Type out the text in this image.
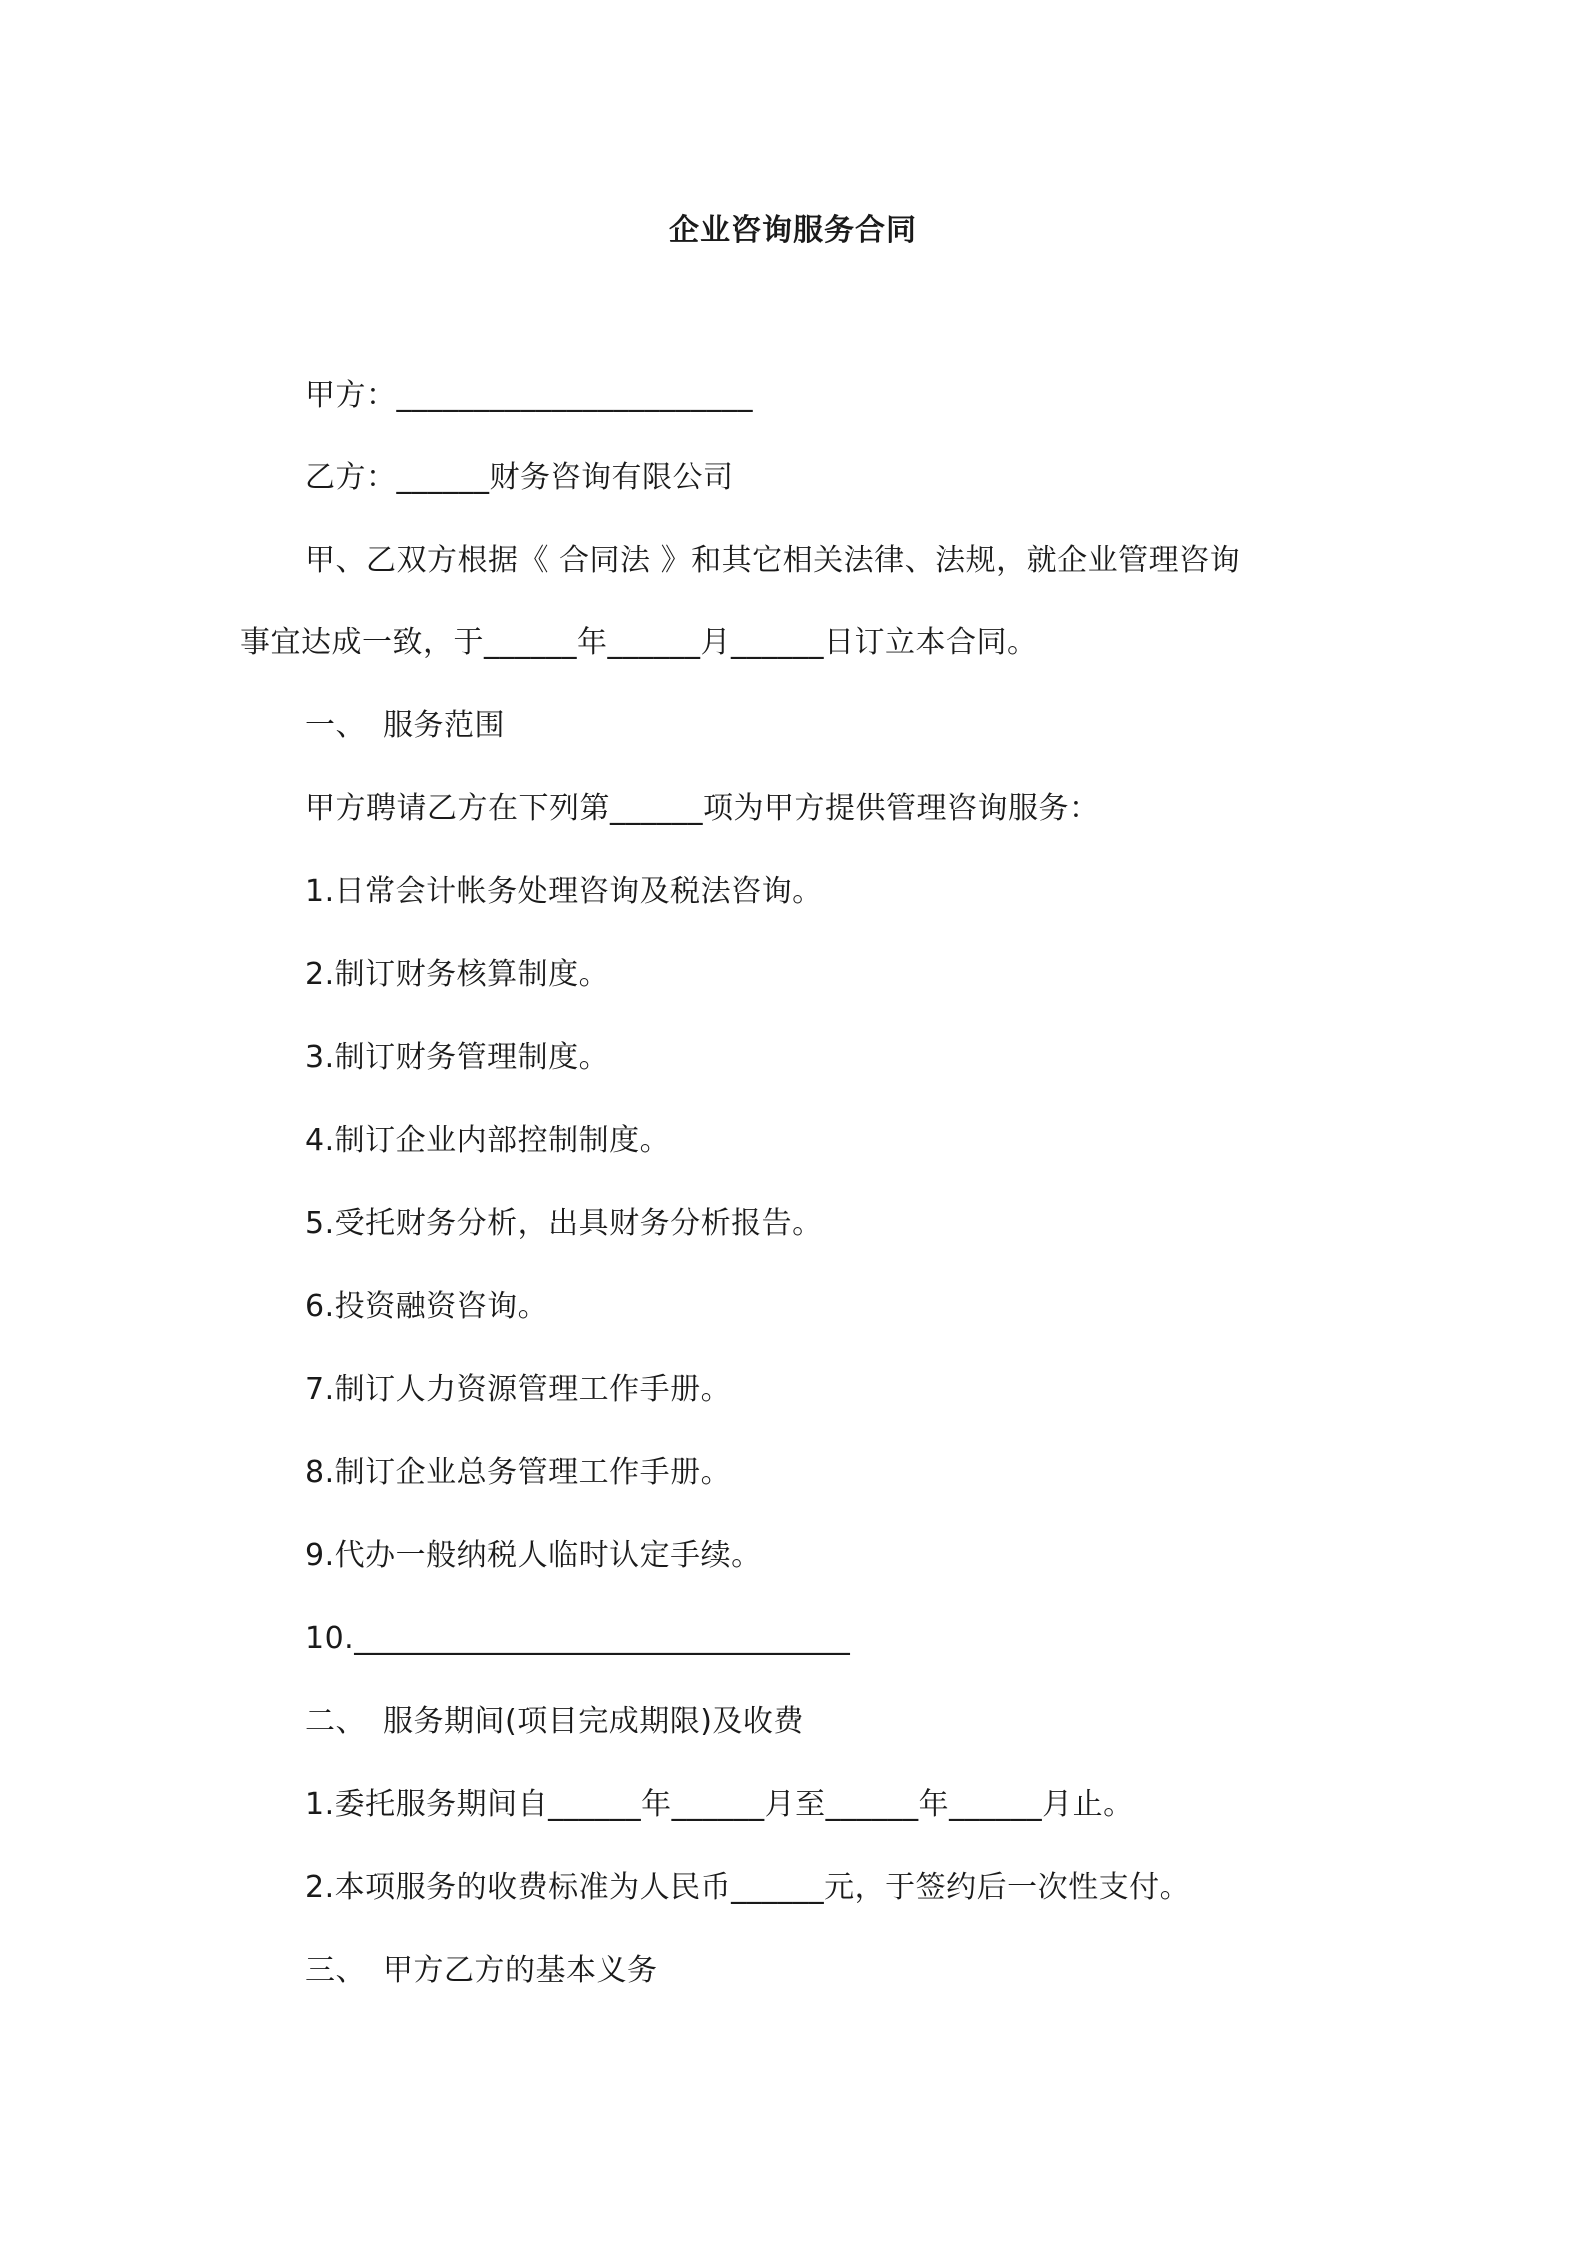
企业咨询服务合同
甲方：_______________________
乙方：______财务咨询有限公司
甲、乙双方根据《 合同法 》和其它相关法律、法规，就企业管理咨询
事宜达成一致，于______年______月______日订立本合同。
一、 服务范围
甲方聘请乙方在下列第______项为甲方提供管理咨询服务：
1.日常会计帐务处理咨询及税法咨询。
2.制订财务核算制度。
3.制订财务管理制度。
4.制订企业内部控制制度。
5.受托财务分析，出具财务分析报告。
6.投资融资咨询。
7.制订人力资源管理工作手册。
8.制订企业总务管理工作手册。
9.代办一般纳税人临时认定手续。
10.________________________________
二、 服务期间(项目完成期限)及收费
1.委托服务期间自______年______月至______年______月止。
2.本项服务的收费标准为人民币______元，于签约后一次性支付。
三、 甲方乙方的基本义务
